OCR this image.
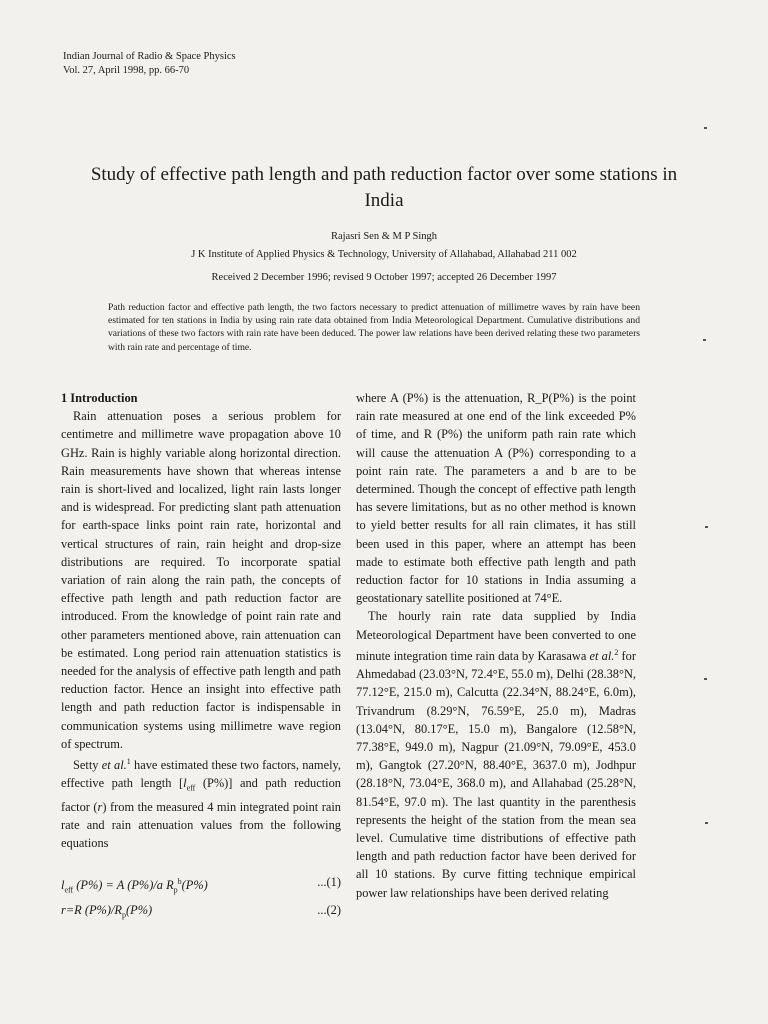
Indian Journal of Radio & Space Physics
Vol. 27, April 1998, pp. 66-70
Study of effective path length and path reduction factor over some stations in India
Rajasri Sen & M P Singh
J K Institute of Applied Physics & Technology, University of Allahabad, Allahabad 211 002
Received 2 December 1996; revised 9 October 1997; accepted 26 December 1997
Path reduction factor and effective path length, the two factors necessary to predict attenuation of millimetre waves by rain have been estimated for ten stations in India by using rain rate data obtained from India Meteorological Department. Cumulative distributions and variations of these two factors with rain rate have been deduced. The power law relations have been derived relating these two parameters with rain rate and percentage of time.

1 Introduction

Rain attenuation poses a serious problem for centimetre and millimetre wave propagation above 10 GHz. Rain is highly variable along horizontal direction. Rain measurements have shown that whereas intense rain is short-lived and localized, light rain lasts longer and is widespread. For predicting slant path attenuation for earth-space links point rain rate, horizontal and vertical structures of rain, rain height and drop-size distributions are required. To incorporate spatial variation of rain along the rain path, the concepts of effective path length and path reduction factor are introduced. From the knowledge of point rain rate and other parameters mentioned above, rain attenuation can be estimated. Long period rain attenuation statistics is needed for the analysis of effective path length and path reduction factor. Hence an insight into effective path length and path reduction factor is indispensable in communication systems using millimetre wave region of spectrum.

Setty et al.$^1$ have estimated these two factors, namely, effective path length [$l_{eff}$ (P%)] and path reduction factor (r) from the measured 4 min integrated point rain rate and rain attenuation values from the following equations

$l_{eff}$ (P%) = A (P%)/a $R_p^b(P\%)$	...(1)
r=R $(P\%)/R_p(P\%)$	...(2)

where A (P%) is the attenuation, R_P(P%) is the point rain rate measured at one end of the link exceeded P% of time, and R (P%) the uniform path rain rate which will cause the attenuation A (P%) corresponding to a point rain rate. The parameters a and b are to be determined. Though the concept of effective path length has severe limitations, but as no other method is known to yield better results for all rain climates, it has still been used in this paper, where an attempt has been made to estimate both effective path length and path reduction factor for 10 stations in India assuming a geostationary satellite positioned at 74°E.

The hourly rain rate data supplied by India Meteorological Department have been converted to one minute integration time rain data by Karasawa et al.$^2$ for Ahmedabad (23.03°N, 72.4°E, 55.0 m), Delhi (28.38°N, 77.12°E, 215.0 m), Calcutta (22.34°N, 88.24°E, 6.0m), Trivandrum (8.29°N, 76.59°E, 25.0 m), Madras (13.04°N, 80.17°E, 15.0 m), Bangalore (12.58°N, 77.38°E, 949.0 m), Nagpur (21.09°N, 79.09°E, 453.0 m), Gangtok (27.20°N, 88.40°E, 3637.0 m), Jodhpur (28.18°N, 73.04°E, 368.0 m), and Allahabad (25.28°N, 81.54°E, 97.0 m). The last quantity in the parenthesis represents the height of the station from the mean sea level. Cumulative time distributions of effective path length and path reduction factor have been derived for all 10 stations. By curve fitting technique empirical power law relationships have been derived relating
